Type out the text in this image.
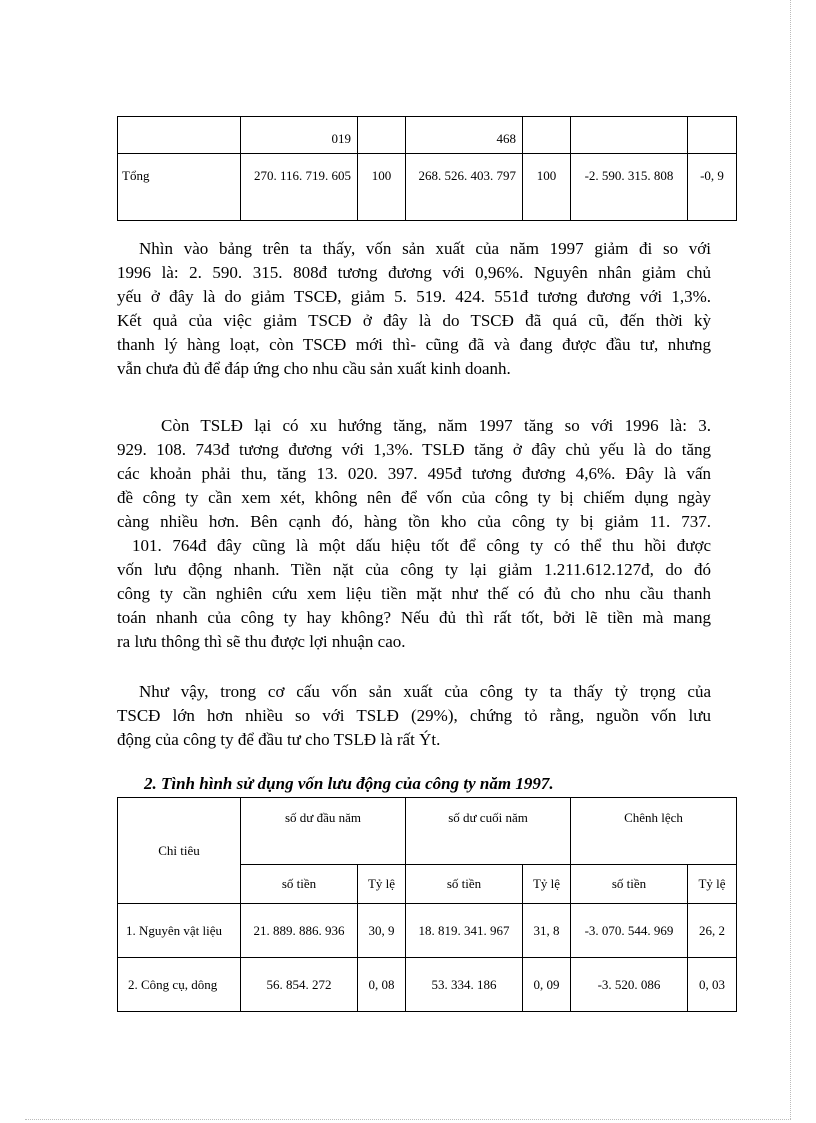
	019		468			
Tổng	270. 116. 719. 605	100	268. 526. 403. 797	100	-2. 590. 315. 808	-0, 9
Nhìn vào bảng trên ta thấy, vốn sản xuất của năm 1997 giảm đi so với
1996 là: 2. 590. 315. 808đ tương đương với 0,96%. Nguyên nhân giảm chủ
yếu ở đây là do giảm TSCĐ, giảm 5. 519. 424. 551đ tương đương với 1,3%.
Kết quả của việc giảm TSCĐ ở đây là do TSCĐ đã quá cũ, đến thời kỳ
thanh lý hàng loạt, còn TSCĐ mới thì- cũng đã và đang được đầu tư, nhưng
vẫn chưa đủ để đáp ứng cho nhu cầu sản xuất kinh doanh.
Còn TSLĐ lại có xu hướng tăng, năm 1997 tăng so với 1996 là: 3.
929. 108. 743đ tương đương với 1,3%. TSLĐ tăng ở đây chủ yếu là do tăng
các khoản phải thu, tăng 13. 020. 397. 495đ tương đương 4,6%. Đây là vấn
đề công ty cần xem xét, không nên để vốn của công ty bị chiếm dụng ngày
càng nhiều hơn. Bên cạnh đó, hàng tồn kho của công ty bị giảm 11. 737.
101. 764đ đây cũng là một dấu hiệu tốt để công ty có thể thu hồi được
vốn lưu động nhanh. Tiền nặt của công ty lại giảm 1.211.612.127đ, do đó
công ty cần nghiên cứu xem liệu tiền mặt như thế có đủ cho nhu cầu thanh
toán nhanh của công ty hay không? Nếu đủ thì rất tốt, bởi lẽ tiền mà mang
ra lưu thông thì sẽ thu được lợi nhuận cao.
Như vậy, trong cơ cấu vốn sản xuất của công ty ta thấy tỷ trọng của
TSCĐ lớn hơn nhiều so với TSLĐ (29%), chứng tỏ rằng, nguồn vốn lưu
động của công ty để đầu tư cho TSLĐ là rất Ýt.

2. Tình hình sử dụng vốn lưu động của công ty năm 1997.

Chỉ tiêu	số dư đầu năm		số dư cuối năm		Chênh lệch	
	số tiền	Tỷ lệ	số tiền	Tỷ lệ	số tiền	Tỷ lệ
1. Nguyên vật liệu	21. 889. 886. 936	30, 9	18. 819. 341. 967	31, 8	-3. 070. 544. 969	26, 2
2. Công cụ, dông	56. 854. 272	0, 08	53. 334. 186	0, 09	-3. 520. 086	0, 03
